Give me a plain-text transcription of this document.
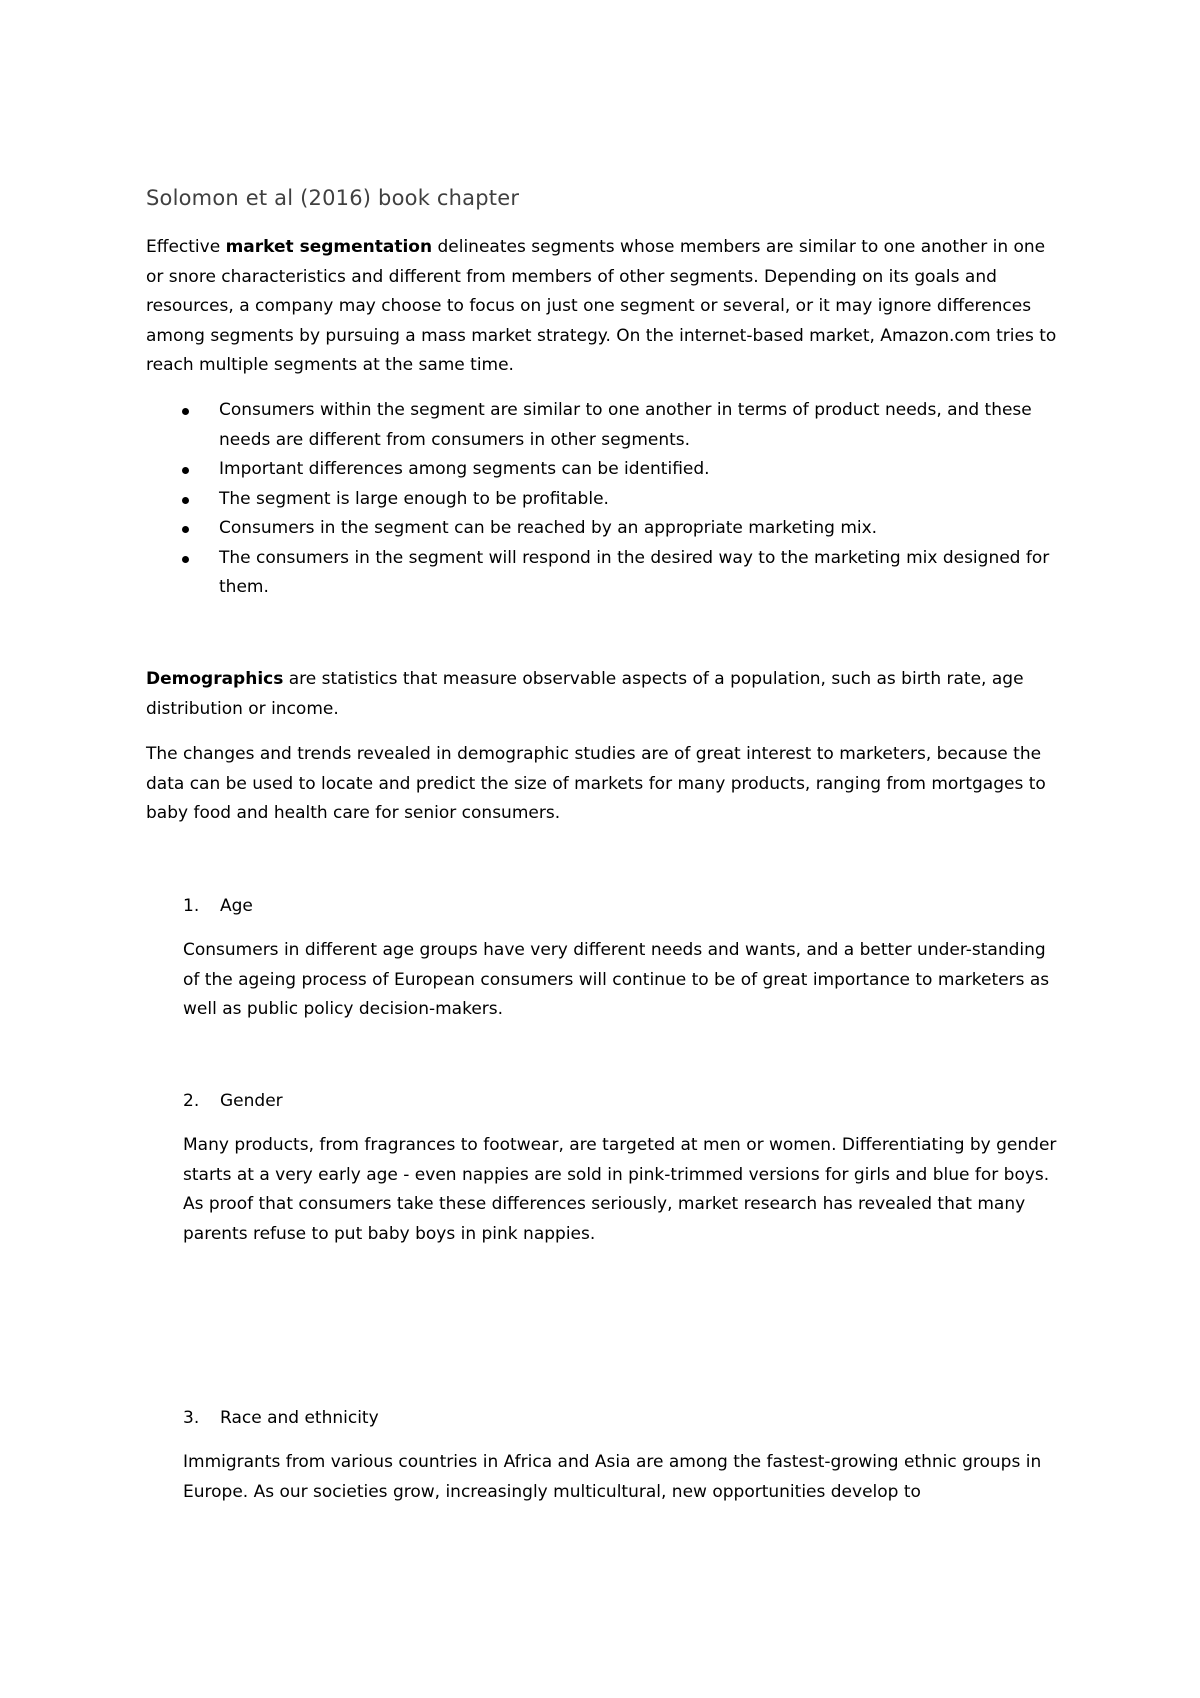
Solomon et al (2016) book chapter

Effective market segmentation delineates segments whose members are similar to one another in one or snore characteristics and different from members of other segments. Depending on its goals and resources, a company may choose to focus on just one segment or several, or it may ignore differences among segments by pursuing a mass market strategy. On the internet-based market, Amazon.com tries to reach multiple segments at the same time.

Consumers within the segment are similar to one another in terms of product needs, and these needs are different from consumers in other segments.
Important differences among segments can be identified.
The segment is large enough to be profitable.
Consumers in the segment can be reached by an appropriate marketing mix.
The consumers in the segment will respond in the desired way to the marketing mix designed for them.

Demographics are statistics that measure observable aspects of a population, such as birth rate, age distribution or income.

The changes and trends revealed in demographic studies are of great interest to marketers, because the data can be used to locate and predict the size of markets for many products, ranging from mortgages to baby food and health care for senior consumers.

1. Age

Consumers in different age groups have very different needs and wants, and a better under-standing of the ageing process of European consumers will continue to be of great importance to marketers as well as public policy decision-makers.

2. Gender

Many products, from fragrances to footwear, are targeted at men or women. Differentiating by gender starts at a very early age - even nappies are sold in pink-trimmed versions for girls and blue for boys. As proof that consumers take these differences seriously, market research has revealed that many parents refuse to put baby boys in pink nappies.

3. Race and ethnicity

Immigrants from various countries in Africa and Asia are among the fastest-growing ethnic groups in Europe. As our societies grow, increasingly multicultural, new opportunities develop to
